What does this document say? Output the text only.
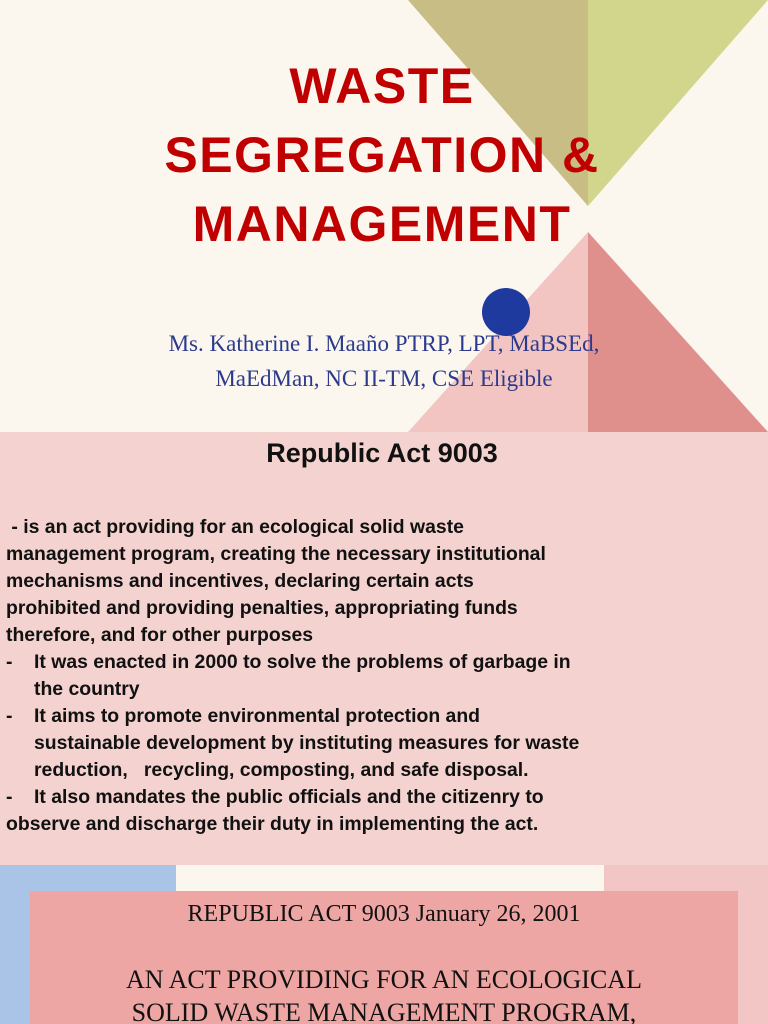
WASTE
SEGREGATION &
MANAGEMENT
Ms. Katherine I. Maaño PTRP, LPT, MaBSEd,
MaEdMan, NC II-TM, CSE Eligible
Republic Act 9003

- is an act providing for an ecological solid waste

management program, creating the necessary institutional

mechanisms and incentives, declaring certain acts

prohibited and providing penalties, appropriating funds

therefore, and for other purposes

- It was enacted in 2000 to solve the problems of garbage in

the country

- It aims to promote environmental protection and

sustainable development by instituting measures for waste

reduction,   recycling, composting, and safe disposal.

- It also mandates the public officials and the citizenry to

observe and discharge their duty in implementing the act.

REPUBLIC ACT 9003 January 26, 2001
AN ACT PROVIDING FOR AN ECOLOGICAL
SOLID WASTE MANAGEMENT PROGRAM,
